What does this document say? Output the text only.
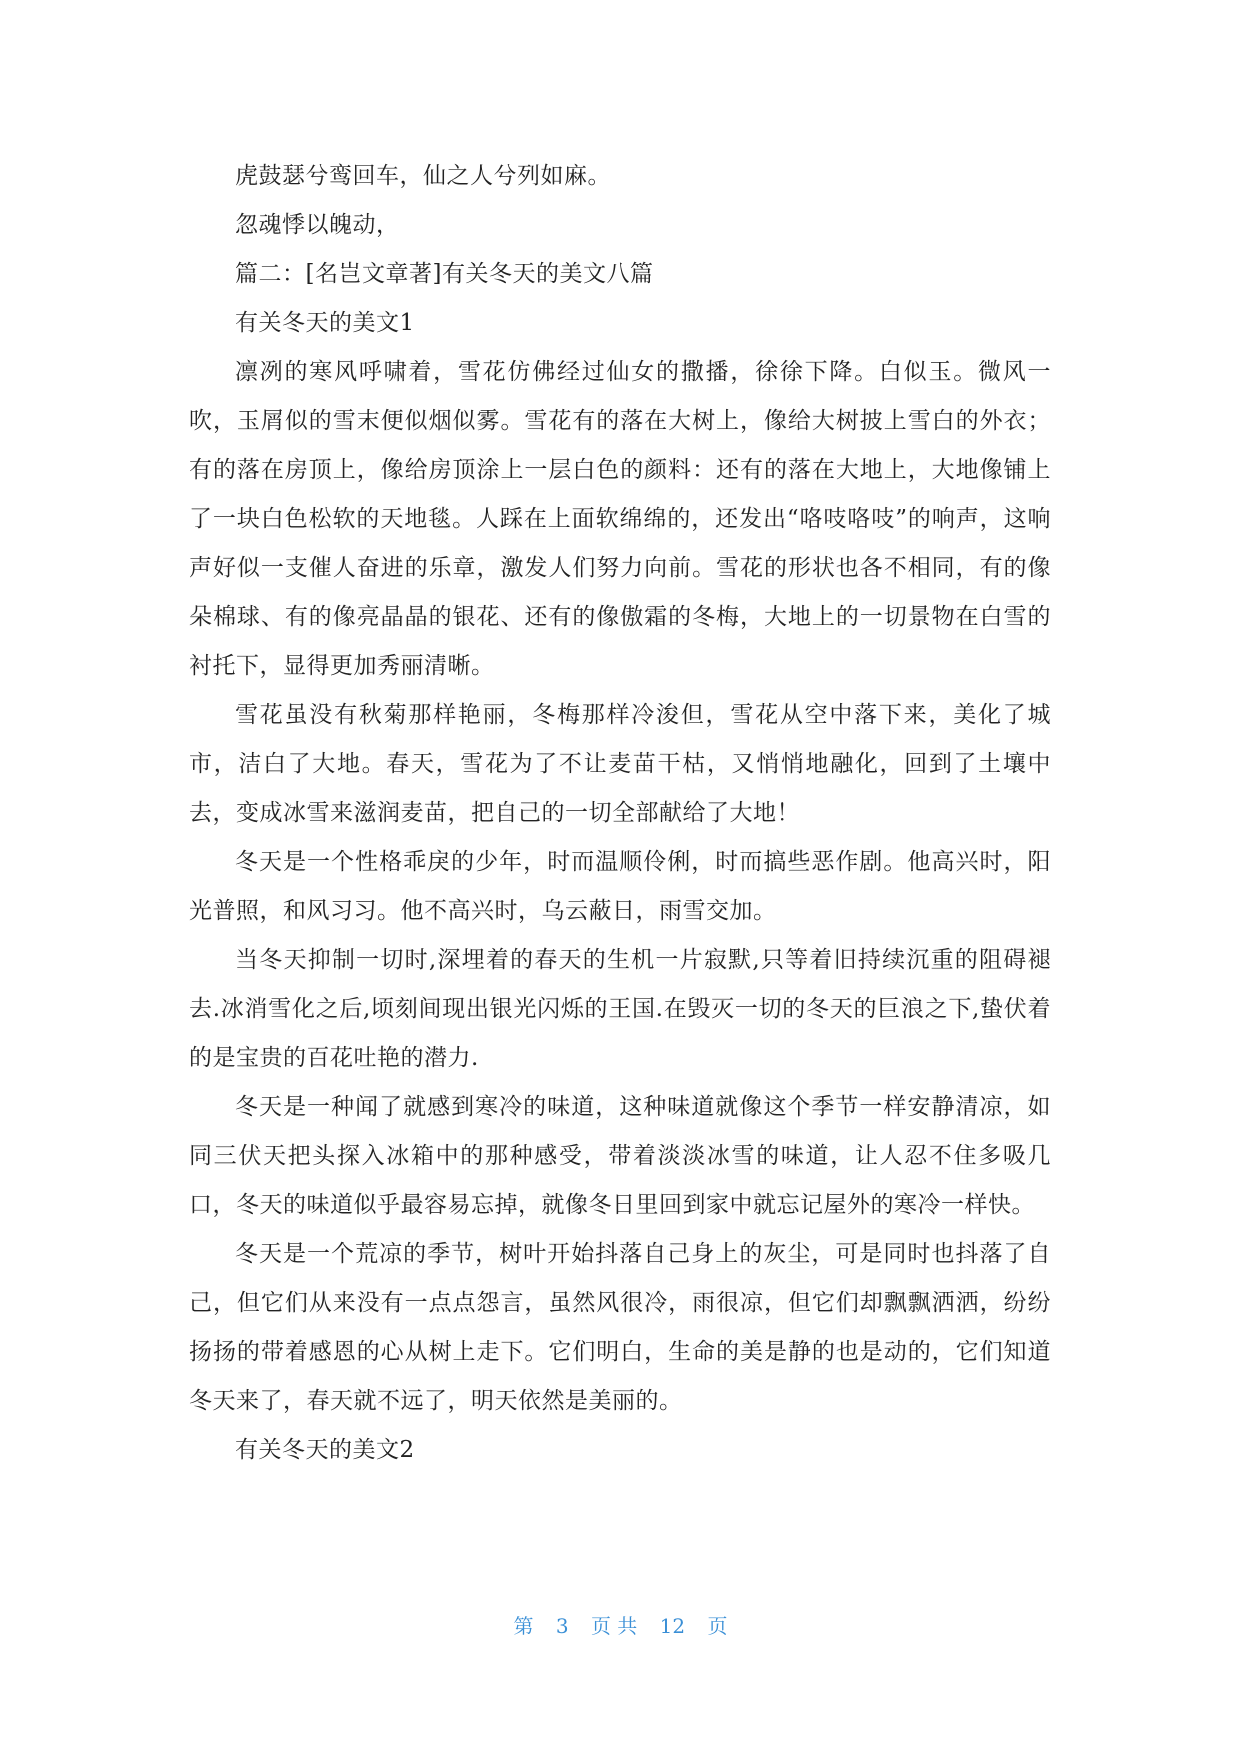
虎鼓瑟兮鸾回车，仙之人兮列如麻。

忽魂悸以魄动，

篇二：[名岂文章著]有关冬天的美文八篇

有关冬天的美文1

凛冽的寒风呼啸着，雪花仿佛经过仙女的撒播，徐徐下降。白似玉。微风一吹，玉屑似的雪末便似烟似雾。雪花有的落在大树上，像给大树披上雪白的外衣；有的落在房顶上，像给房顶涂上一层白色的颜料：还有的落在大地上，大地像铺上了一块白色松软的天地毯。人踩在上面软绵绵的，还发出“咯吱咯吱”的响声，这响声好似一支催人奋进的乐章，激发人们努力向前。雪花的形状也各不相同，有的像朵棉球、有的像亮晶晶的银花、还有的像傲霜的冬梅，大地上的一切景物在白雪的衬托下，显得更加秀丽清晰。

雪花虽没有秋菊那样艳丽，冬梅那样冷浚但，雪花从空中落下来，美化了城市，洁白了大地。春天，雪花为了不让麦苗干枯，又悄悄地融化，回到了土壤中去，变成冰雪来滋润麦苗，把自己的一切全部献给了大地！

冬天是一个性格乖戾的少年，时而温顺伶俐，时而搞些恶作剧。他高兴时，阳光普照，和风习习。他不高兴时，乌云蔽日，雨雪交加。

当冬天抑制一切时,深埋着的春天的生机一片寂默,只等着旧持续沉重的阻碍褪去.冰消雪化之后,顷刻间现出银光闪烁的王国.在毁灭一切的冬天的巨浪之下,蛰伏着的是宝贵的百花吐艳的潜力.

冬天是一种闻了就感到寒冷的味道，这种味道就像这个季节一样安静清凉，如同三伏天把头探入冰箱中的那种感受，带着淡淡冰雪的味道，让人忍不住多吸几口，冬天的味道似乎最容易忘掉，就像冬日里回到家中就忘记屋外的寒冷一样快。

冬天是一个荒凉的季节，树叶开始抖落自己身上的灰尘，可是同时也抖落了自己，但它们从来没有一点点怨言，虽然风很冷，雨很凉，但它们却飘飘洒洒，纷纷扬扬的带着感恩的心从树上走下。它们明白，生命的美是静的也是动的，它们知道冬天来了，春天就不远了，明天依然是美丽的。

有关冬天的美文2

第 3 页 共 12 页
